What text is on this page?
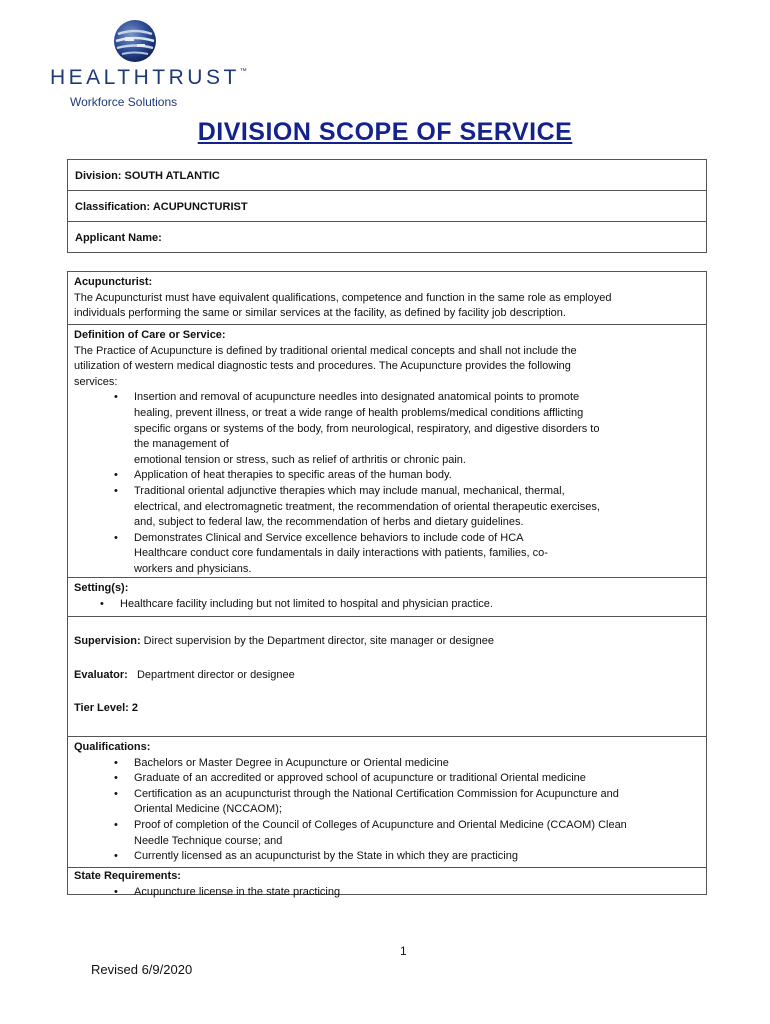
HEALTHTRUST™
Workforce Solutions
DIVISION SCOPE OF SERVICE
Division: SOUTH ATLANTIC
Classification: ACUPUNCTURIST
Applicant Name:
Acupuncturist:
The Acupuncturist must have equivalent qualifications, competence and function in the same role as employed
individuals performing the same or similar services at the facility, as defined by facility job description.
Definition of Care or Service:
The Practice of Acupuncture is defined by traditional oriental medical concepts and shall not include the
utilization of western medical diagnostic tests and procedures. The Acupuncture provides the following
services:
• Insertion and removal of acupuncture needles into designated anatomical points to promote
healing, prevent illness, or treat a wide range of health problems/medical conditions afflicting
specific organs or systems of the body, from neurological, respiratory, and digestive disorders to
the management of
emotional tension or stress, such as relief of arthritis or chronic pain.
• Application of heat therapies to specific areas of the human body.
• Traditional oriental adjunctive therapies which may include manual, mechanical, thermal,
electrical, and electromagnetic treatment, the recommendation of oriental therapeutic exercises,
and, subject to federal law, the recommendation of herbs and dietary guidelines.
• Demonstrates Clinical and Service excellence behaviors to include code of HCA
Healthcare conduct core fundamentals in daily interactions with patients, families, co-
workers and physicians.
Setting(s):
• Healthcare facility including but not limited to hospital and physician practice.
Supervision: Direct supervision by the Department director, site manager or designee
Evaluator:   Department director or designee
Tier Level: 2
Qualifications:
• Bachelors or Master Degree in Acupuncture or Oriental medicine
• Graduate of an accredited or approved school of acupuncture or traditional Oriental medicine
• Certification as an acupuncturist through the National Certification Commission for Acupuncture and
Oriental Medicine (NCCAOM);
• Proof of completion of the Council of Colleges of Acupuncture and Oriental Medicine (CCAOM) Clean
Needle Technique course; and
• Currently licensed as an acupuncturist by the State in which they are practicing
State Requirements:
• Acupuncture license in the state practicing
1
Revised 6/9/2020
